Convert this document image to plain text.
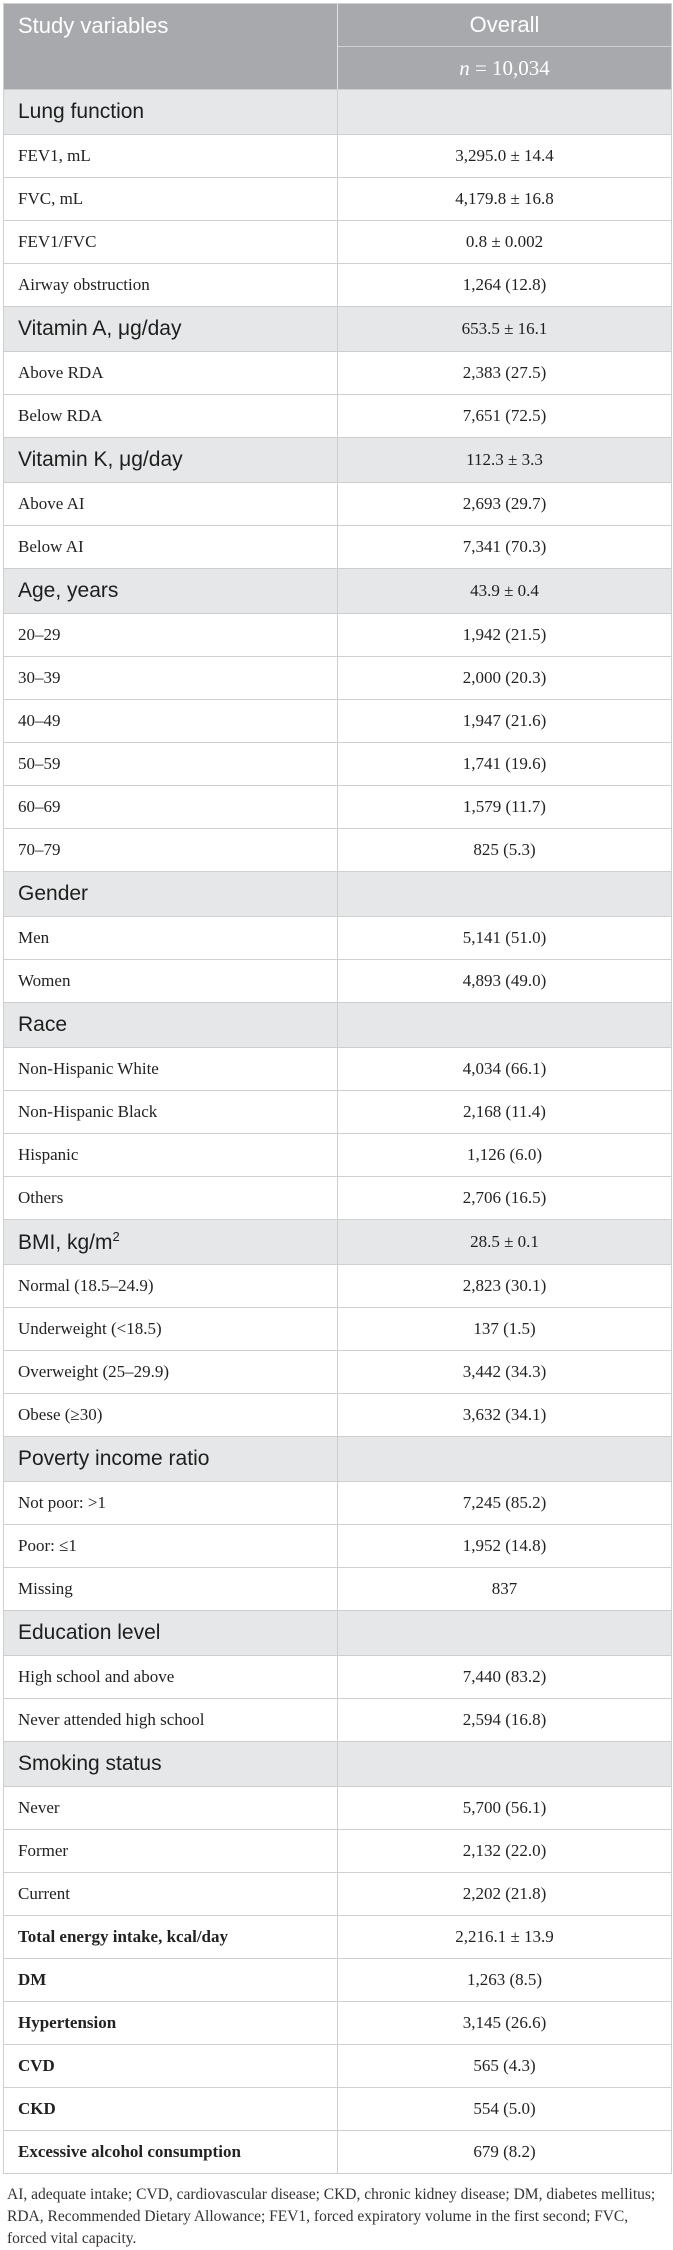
Study variables	Overall
	n = 10,034
Lung function	
FEV1, mL	3,295.0 ± 14.4
FVC, mL	4,179.8 ± 16.8
FEV1/FVC	0.8 ± 0.002
Airway obstruction	1,264 (12.8)
Vitamin A, μg/day	653.5 ± 16.1
Above RDA	2,383 (27.5)
Below RDA	7,651 (72.5)
Vitamin K, μg/day	112.3 ± 3.3
Above AI	2,693 (29.7)
Below AI	7,341 (70.3)
Age, years	43.9 ± 0.4
20–29	1,942 (21.5)
30–39	2,000 (20.3)
40–49	1,947 (21.6)
50–59	1,741 (19.6)
60–69	1,579 (11.7)
70–79	825 (5.3)
Gender	
Men	5,141 (51.0)
Women	4,893 (49.0)
Race	
Non-Hispanic White	4,034 (66.1)
Non-Hispanic Black	2,168 (11.4)
Hispanic	1,126 (6.0)
Others	2,706 (16.5)
BMI, $kg/m^2$	28.5 ± 0.1
Normal (18.5–24.9)	2,823 (30.1)
Underweight (<18.5)	137 (1.5)
Overweight (25–29.9)	3,442 (34.3)
Obese (≥30)	3,632 (34.1)
Poverty income ratio	
Not poor: >1	7,245 (85.2)
Poor: ≤1	1,952 (14.8)
Missing	837
Education level	
High school and above	7,440 (83.2)
Never attended high school	2,594 (16.8)
Smoking status	
Never	5,700 (56.1)
Former	2,132 (22.0)
Current	2,202 (21.8)
Total energy intake, kcal/day	2,216.1 ± 13.9
DM	1,263 (8.5)
Hypertension	3,145 (26.6)
CVD	565 (4.3)
CKD	554 (5.0)
Excessive alcohol consumption	679 (8.2)
AI, adequate intake; CVD, cardiovascular disease; CKD, chronic kidney disease; DM, diabetes mellitus; RDA, Recommended Dietary Allowance; FEV1, forced expiratory volume in the first second; FVC, forced vital capacity.
